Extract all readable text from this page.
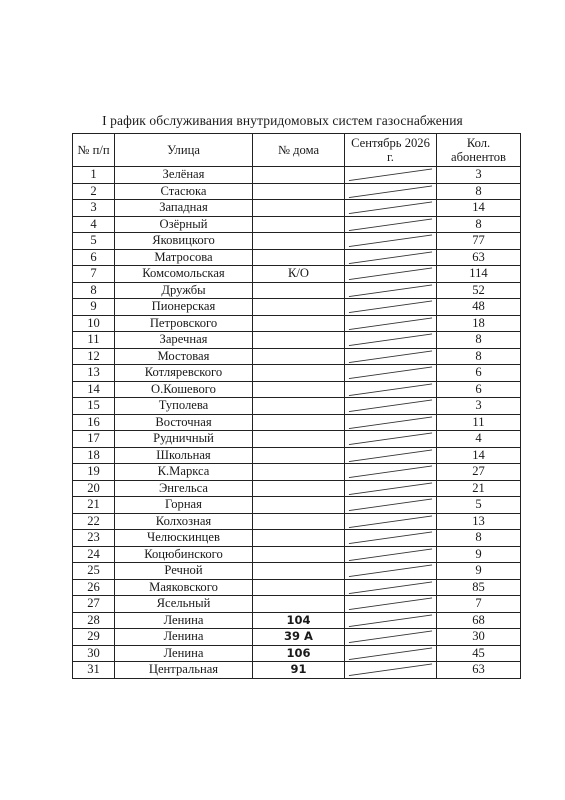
I рафик обслуживания внутридомовых систем газоснабжения
№ п/п	Улица	№ дома	Сентябрь 2026 г.	Кол. абонентов
1	Зелёная			3
2	Стасюка			8
3	Западная			14
4	Озёрный			8
5	Яковицкого			77
6	Матросова			63
7	Комсомольская	К/О		114
8	Дружбы			52
9	Пионерская			48
10	Петровского			18
11	Заречная			8
12	Мостовая			8
13	Котляревского			6
14	О.Кошевого			6
15	Туполева			3
16	Восточная			11
17	Рудничный			4
18	Школьная			14
19	К.Маркса			27
20	Энгельса			21
21	Горная			5
22	Колхозная			13
23	Челюскинцев			8
24	Коцюбинского			9
25	Речной			9
26	Маяковского			85
27	Ясельный			7
28	Ленина	104		68
29	Ленина	39 А		30
30	Ленина	106		45
31	Центральная	91		63
